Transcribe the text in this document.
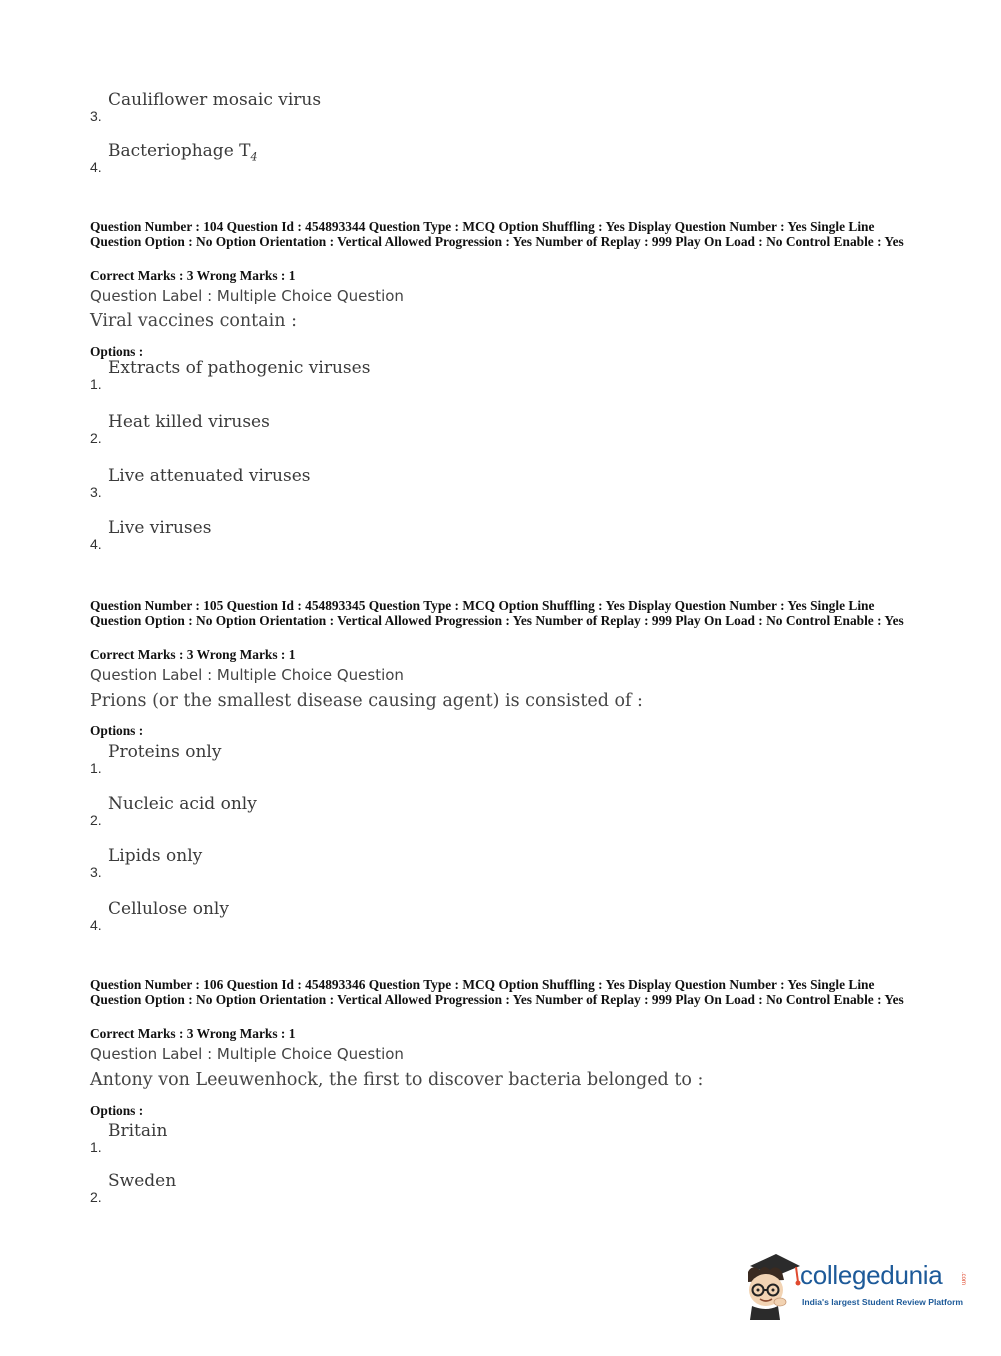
3.
Cauliflower mosaic virus
4.
Bacteriophage $T_4$
Question Number : 104 Question Id : 454893344 Question Type : MCQ Option Shuffling : Yes Display Question Number : Yes Single Line Question Option : No Option Orientation : Vertical Allowed Progression : Yes Number of Replay : 999 Play On Load : No Control Enable : Yes
Correct Marks : 3 Wrong Marks : 1
Question Label : Multiple Choice Question
Viral vaccines contain :
Options :
1.
Extracts of pathogenic viruses
2.
Heat killed viruses
3.
Live attenuated viruses
4.
Live viruses
Question Number : 105 Question Id : 454893345 Question Type : MCQ Option Shuffling : Yes Display Question Number : Yes Single Line Question Option : No Option Orientation : Vertical Allowed Progression : Yes Number of Replay : 999 Play On Load : No Control Enable : Yes
Correct Marks : 3 Wrong Marks : 1
Question Label : Multiple Choice Question
Prions (or the smallest disease causing agent) is consisted of :
Options :
1.
Proteins only
2.
Nucleic acid only
3.
Lipids only
4.
Cellulose only
Question Number : 106 Question Id : 454893346 Question Type : MCQ Option Shuffling : Yes Display Question Number : Yes Single Line Question Option : No Option Orientation : Vertical Allowed Progression : Yes Number of Replay : 999 Play On Load : No Control Enable : Yes
Correct Marks : 3 Wrong Marks : 1
Question Label : Multiple Choice Question
Antony von Leeuwenhock, the first to discover bacteria belonged to :
Options :
1.
Britain
2.
Sweden
collegedunia	.com
India's largest Student Review Platform
